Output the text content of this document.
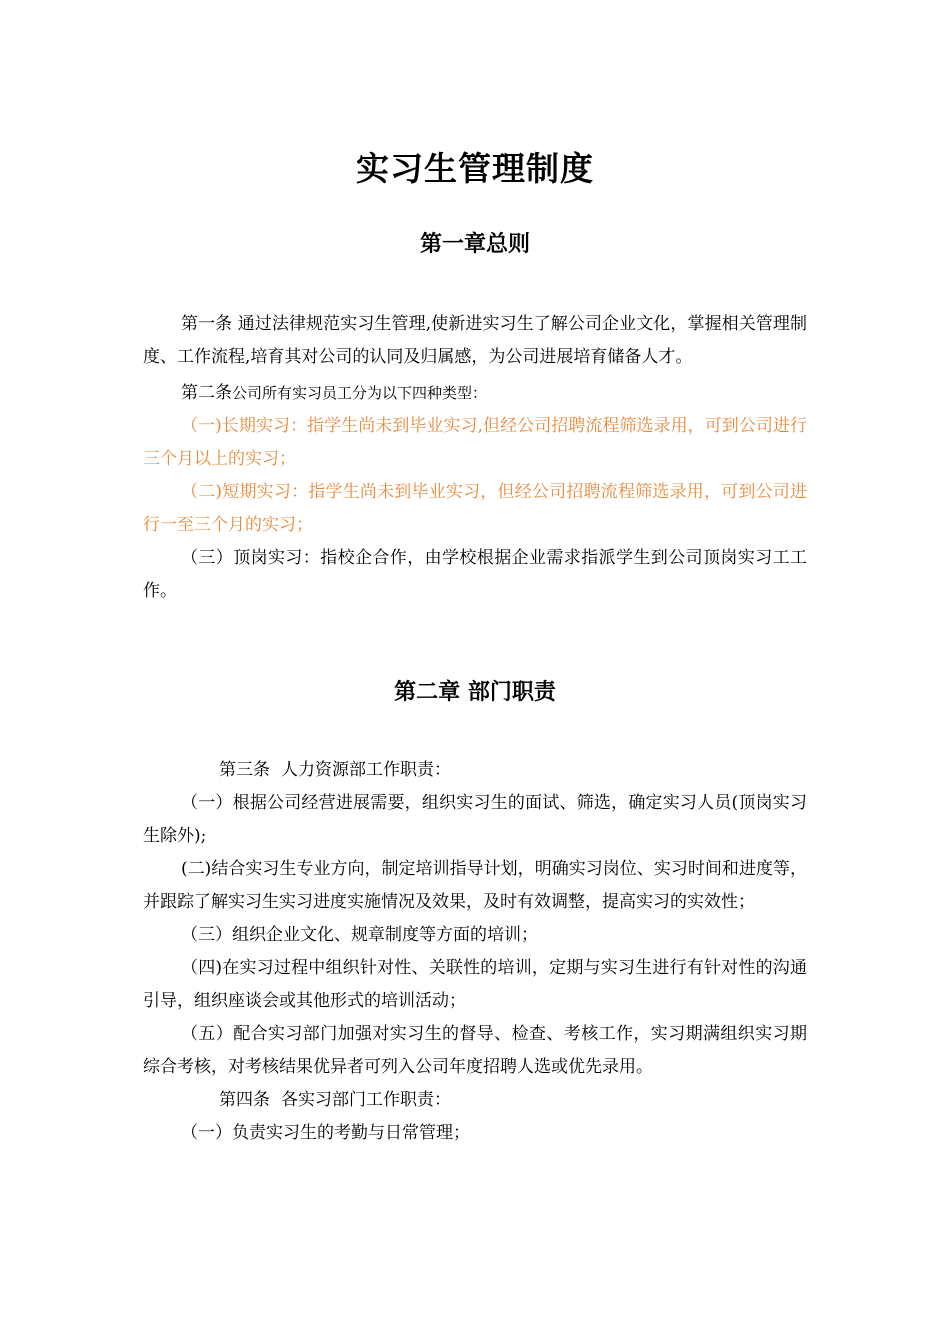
实习生管理制度
第一章总则

第一条 通过法律规范实习生管理,使新进实习生了解公司企业文化，掌握相关管理制度、工作流程,培育其对公司的认同及归属感，为公司进展培育储备人才。

第二条公司所有实习员工分为以下四种类型：

（一)长期实习：指学生尚未到毕业实习,但经公司招聘流程筛选录用，可到公司进行三个月以上的实习；

（二)短期实习：指学生尚未到毕业实习，但经公司招聘流程筛选录用，可到公司进行一至三个月的实习；

（三）顶岗实习：指校企合作，由学校根据企业需求指派学生到公司顶岗实习工工作。

第二章 部门职责

第三条 人力资源部工作职责：

（一）根据公司经营进展需要，组织实习生的面试、筛选，确定实习人员(顶岗实习生除外);

(二)结合实习生专业方向，制定培训指导计划，明确实习岗位、实习时间和进度等，并跟踪了解实习生实习进度实施情况及效果，及时有效调整，提高实习的实效性；

（三）组织企业文化、规章制度等方面的培训；

（四)在实习过程中组织针对性、关联性的培训，定期与实习生进行有针对性的沟通引导，组织座谈会或其他形式的培训活动；

（五）配合实习部门加强对实习生的督导、检查、考核工作，实习期满组织实习期综合考核，对考核结果优异者可列入公司年度招聘人选或优先录用。

第四条 各实习部门工作职责：

（一）负责实习生的考勤与日常管理；
